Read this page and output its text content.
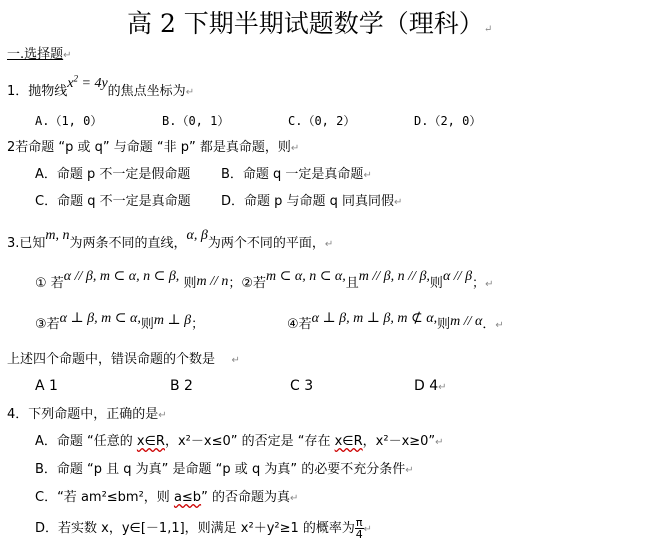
高 2 下期半期试题数学（理科）↵
一.选择题↵
1．抛物线$x^2 = 4y$的焦点坐标为↵
A.（1, 0）	B.（0, 1）	C.（0, 2）	D.（2, 0）
2若命题 “p 或 q” 与命题 “非 p” 都是真命题，则↵
A．命题 p 不一定是假命题 B．命题 q 一定是真命题↵
C．命题 q 不一定是真命题 D．命题 p 与命题 q 同真同假↵
3.已知m, n为两条不同的直线，α, β为两个不同的平面，↵
① 若α // β, m ⊂ α, n ⊂ β, 则m // n；②若m ⊂ α, n ⊂ α,且m // β, n // β,则α // β；↵
③若α ⊥ β, m ⊂ α,则m ⊥ β；	④若α ⊥ β, m ⊥ β, m ⊄ α,则m // α．↵
上述四个命题中，错误命题的个数是 ↵
A 1	B 2	C 3	D 4↵
4．下列命题中，正确的是↵
A．命题 “任意的 x∈R，x²－x≤0” 的否定是 “存在 x∈R，x²－x≥0”↵
B．命题 “p 且 q 为真” 是命题 “p 或 q 为真” 的必要不充分条件↵
C．“若 am²≤bm²，则 a≤b” 的否命题为真↵
D．若实数 x，y∈[－1,1]，则满足 x²＋y²≥1 的概率为 $\frac{\pi}{4}$ ↵
